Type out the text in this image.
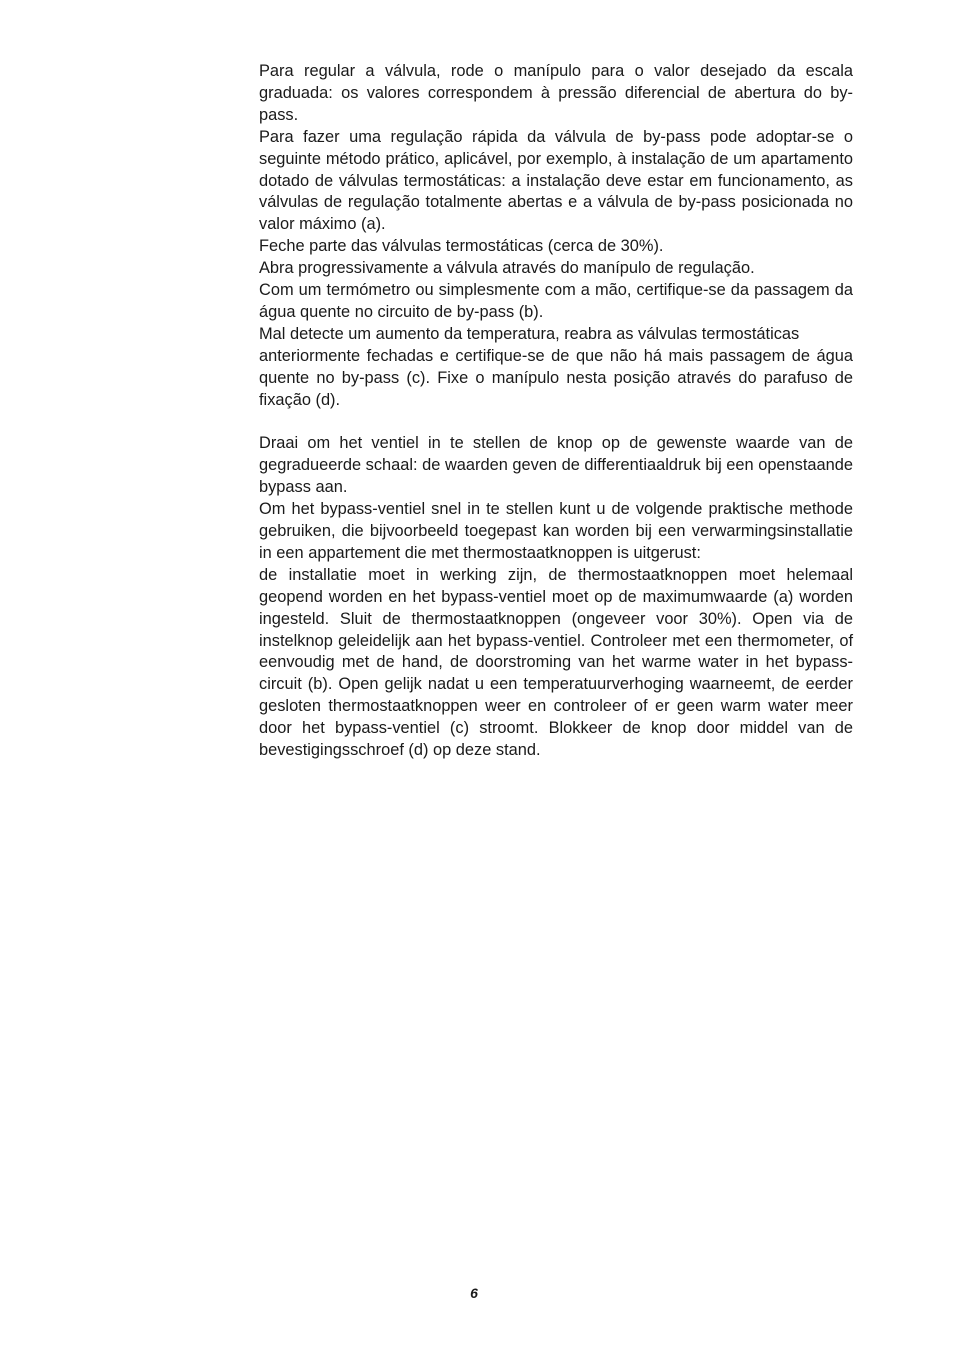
Para regular a válvula, rode o manípulo para o valor desejado da escala graduada: os valores correspondem à pressão diferencial de abertura do by-pass.

Para fazer uma regulação rápida da válvula de by-pass pode adoptar-se o seguinte método prático, aplicável, por exemplo, à instalação de um apartamento dotado de válvulas termostáticas: a instalação deve estar em funcionamento, as válvulas de regulação totalmente abertas e a válvula de by-pass posicionada no valor máximo (a).

Feche parte das válvulas termostáticas (cerca de 30%).

Abra progressivamente a válvula através do manípulo de regulação.

Com um termómetro ou simplesmente com a mão, certifique-se da passagem da água quente no circuito de by-pass (b).

Mal detecte um aumento da temperatura, reabra as válvulas termostáticas

anteriormente fechadas e certifique-se de que não há mais passagem de água quente no by-pass (c). Fixe o manípulo nesta posição através do parafuso de fixação (d).

Draai om het ventiel in te stellen de knop op de gewenste waarde van de gegradueerde schaal: de waarden geven de differentiaaldruk bij een openstaande bypass aan.

Om het bypass-ventiel snel in te stellen kunt u de volgende praktische methode gebruiken, die bijvoorbeeld toegepast kan worden bij een verwarmingsinstallatie in een appartement die met thermostaatknoppen is uitgerust:

de installatie moet in werking zijn, de thermostaatknoppen moet helemaal geopend worden en het bypass-ventiel moet op de maximumwaarde (a) worden ingesteld. Sluit de thermostaatknoppen (ongeveer voor 30%). Open via de instelknop geleidelijk aan het bypass-ventiel. Controleer met een thermometer, of eenvoudig met de hand, de doorstroming van het warme water in het bypass-circuit (b). Open gelijk nadat u een temperatuurverhoging waarneemt, de eerder gesloten thermostaatknoppen weer en controleer of er geen warm water meer door het bypass-ventiel (c) stroomt. Blokkeer de knop door middel van de bevestigingsschroef (d) op deze stand.

6
